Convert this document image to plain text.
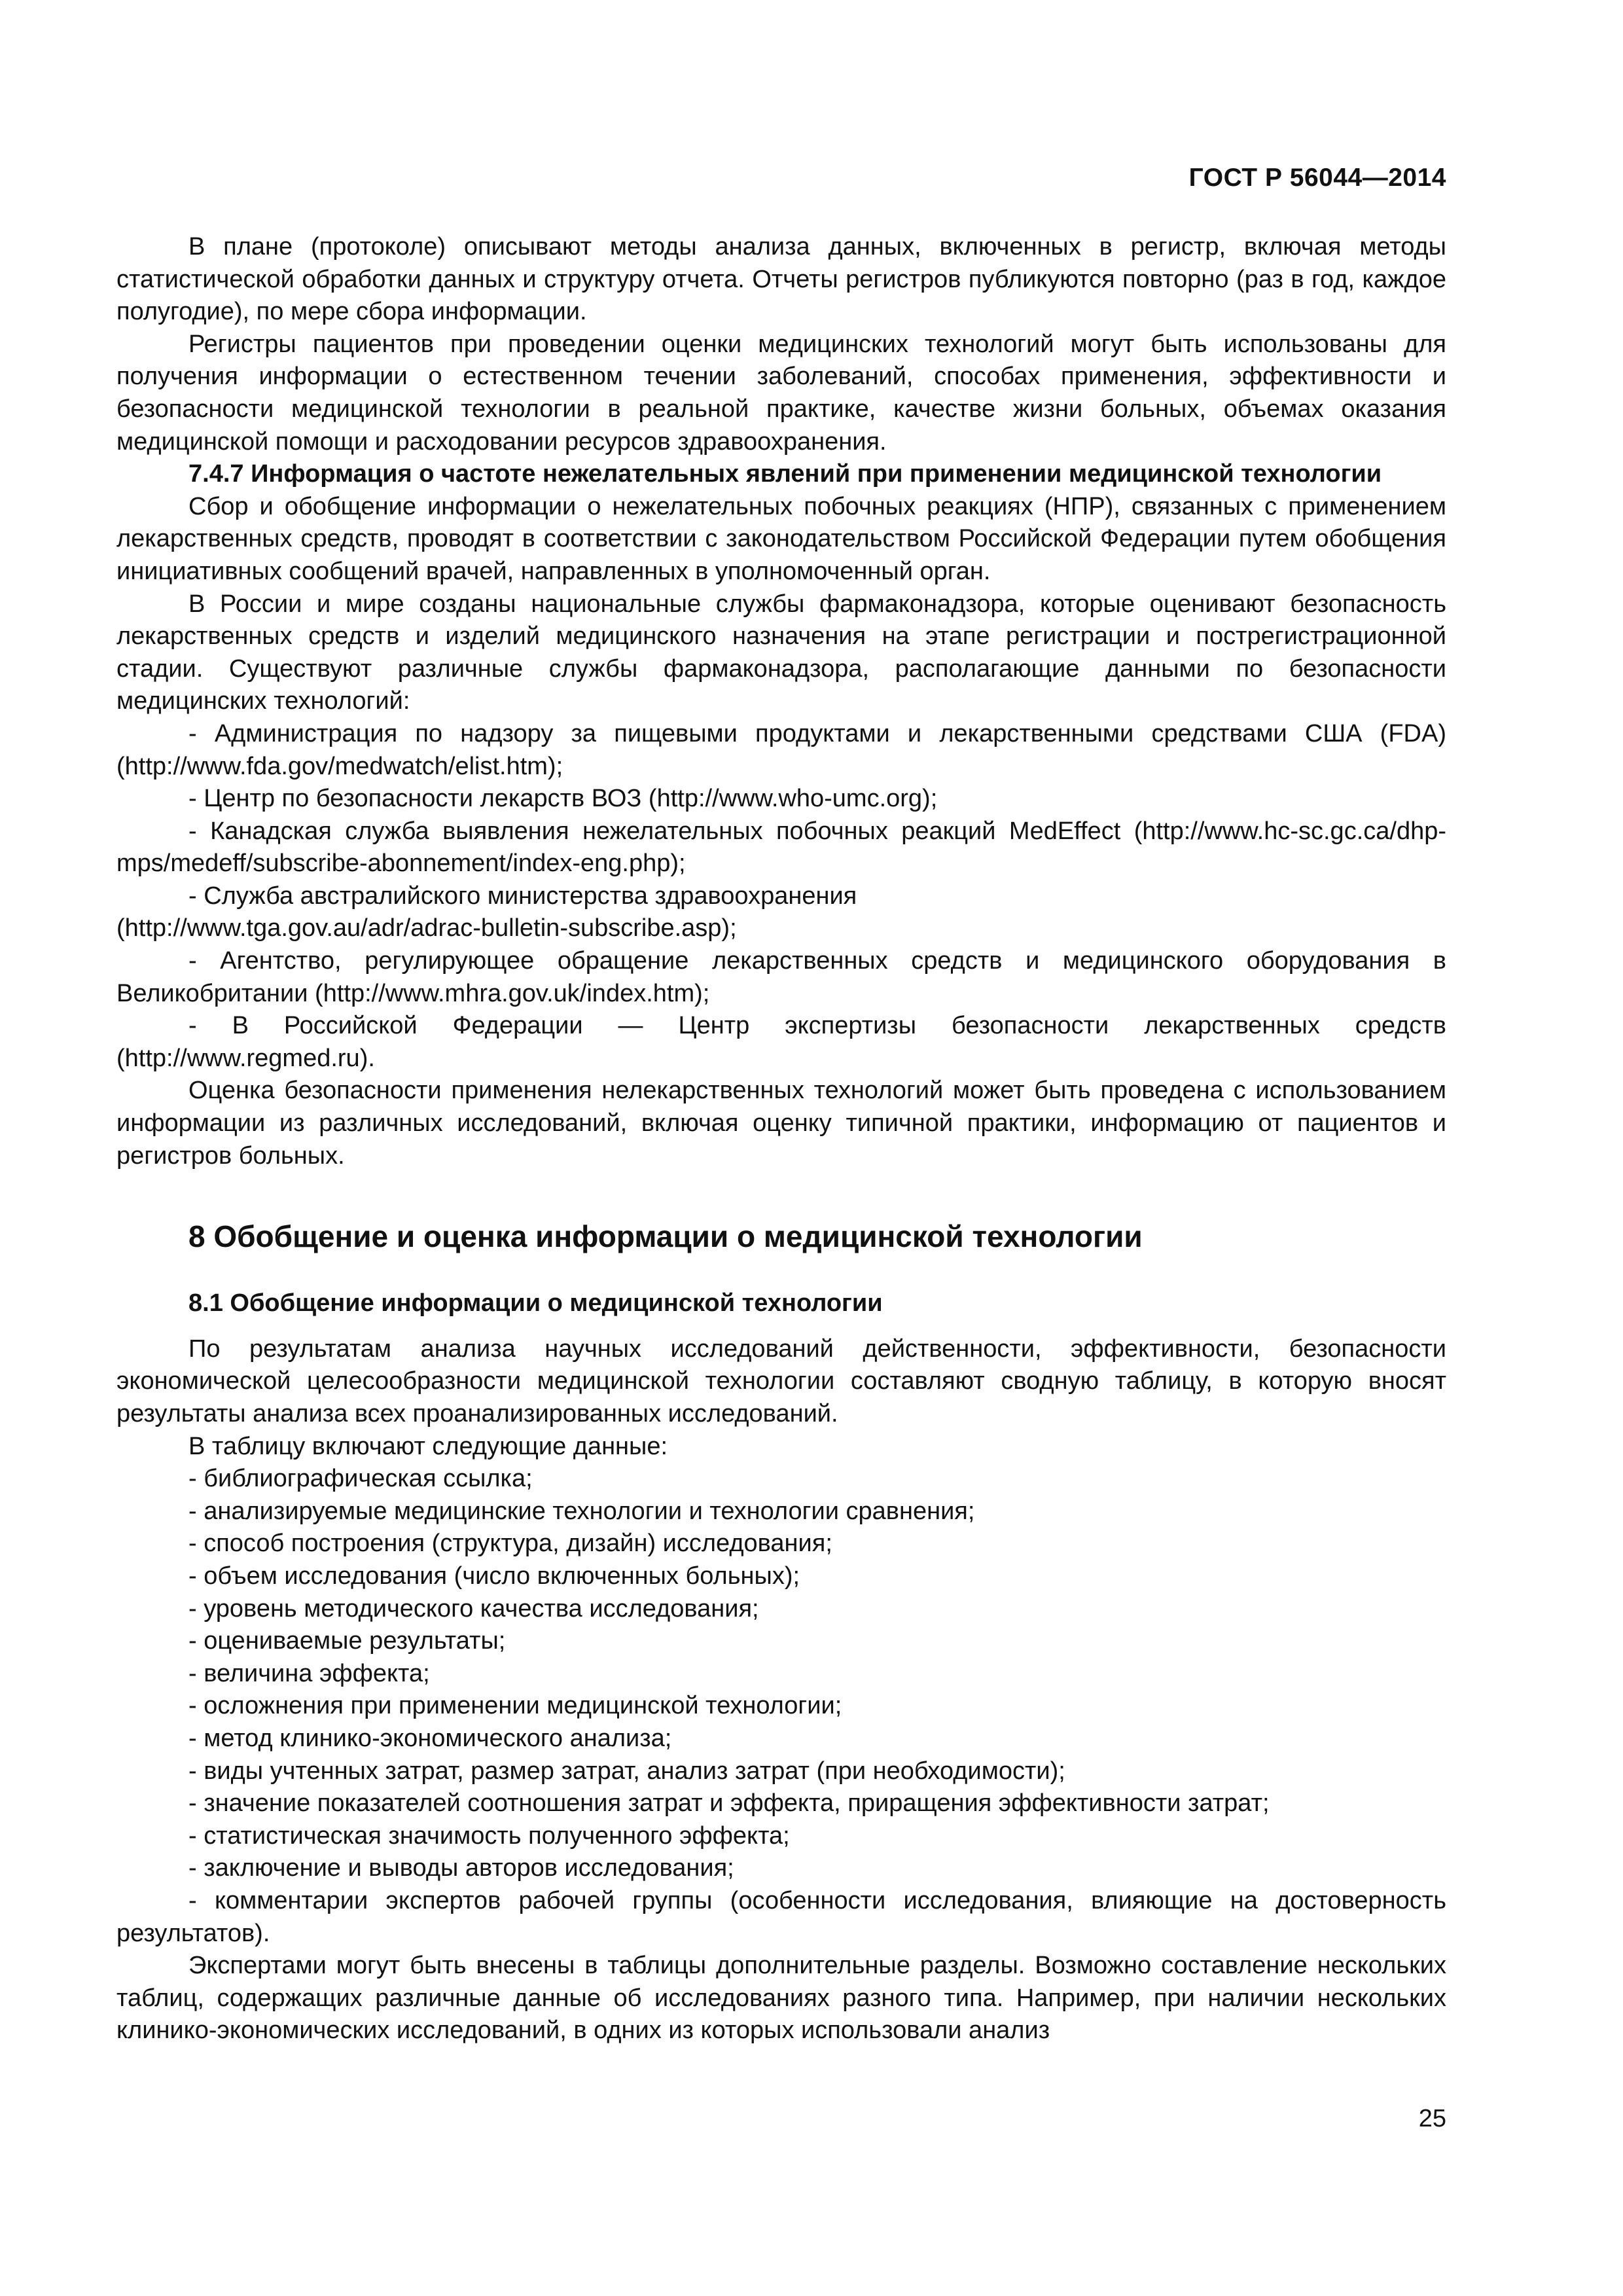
ГОСТ Р 56044—2014

В плане (протоколе) описывают методы анализа данных, включенных в регистр, включая методы статистической обработки данных и структуру отчета. Отчеты регистров публикуются повторно (раз в год, каждое полугодие), по мере сбора информации.

Регистры пациентов при проведении оценки медицинских технологий могут быть использованы для получения информации о естественном течении заболеваний, способах применения, эффективности и безопасности медицинской технологии в реальной практике, качестве жизни больных, объемах оказания медицинской помощи и расходовании ресурсов здравоохранения.

7.4.7 Информация о частоте нежелательных явлений при применении медицинской технологии

Сбор и обобщение информации о нежелательных побочных реакциях (НПР), связанных с применением лекарственных средств, проводят в соответствии с законодательством Российской Федерации путем обобщения инициативных сообщений врачей, направленных в уполномоченный орган.

В России и мире созданы национальные службы фармаконадзора, которые оценивают безопасность лекарственных средств и изделий медицинского назначения на этапе регистрации и пострегистрационной стадии. Существуют различные службы фармаконадзора, располагающие данными по безопасности медицинских технологий:

- Администрация по надзору за пищевыми продуктами и лекарственными средствами США (FDA) (http://www.fda.gov/medwatch/elist.htm);

- Центр по безопасности лекарств ВОЗ (http://www.who-umc.org);

- Канадская служба выявления нежелательных побочных реакций MedEffect (http://www.hc-sc.gc.ca/dhp-mps/medeff/subscribe-abonnement/index-eng.php);

- Служба австралийского министерства здравоохранения

(http://www.tga.gov.au/adr/adrac-bulletin-subscribe.asp);

- Агентство, регулирующее обращение лекарственных средств и медицинского оборудования в Великобритании (http://www.mhra.gov.uk/index.htm);

- В Российской Федерации — Центр экспертизы безопасности лекарственных средств (http://www.regmed.ru).

Оценка безопасности применения нелекарственных технологий может быть проведена с использованием информации из различных исследований, включая оценку типичной практики, информацию от пациентов и регистров больных.

8 Обобщение и оценка информации о медицинской технологии
8.1 Обобщение информации о медицинской технологии

По результатам анализа научных исследований действенности, эффективности, безопасности экономической целесообразности медицинской технологии составляют сводную таблицу, в которую вносят результаты анализа всех проанализированных исследований.

В таблицу включают следующие данные:

- библиографическая ссылка;

- анализируемые медицинские технологии и технологии сравнения;

- способ построения (структура, дизайн) исследования;

- объем исследования (число включенных больных);

- уровень методического качества исследования;

- оцениваемые результаты;

- величина эффекта;

- осложнения при применении медицинской технологии;

- метод клинико-экономического анализа;

- виды учтенных затрат, размер затрат, анализ затрат (при необходимости);

- значение показателей соотношения затрат и эффекта, приращения эффективности затрат;

- статистическая значимость полученного эффекта;

- заключение и выводы авторов исследования;

- комментарии экспертов рабочей группы (особенности исследования, влияющие на достоверность результатов).

Экспертами могут быть внесены в таблицы дополнительные разделы. Возможно составление нескольких таблиц, содержащих различные данные об исследованиях разного типа. Например, при наличии нескольких клинико-экономических исследований, в одних из которых использовали анализ

25
